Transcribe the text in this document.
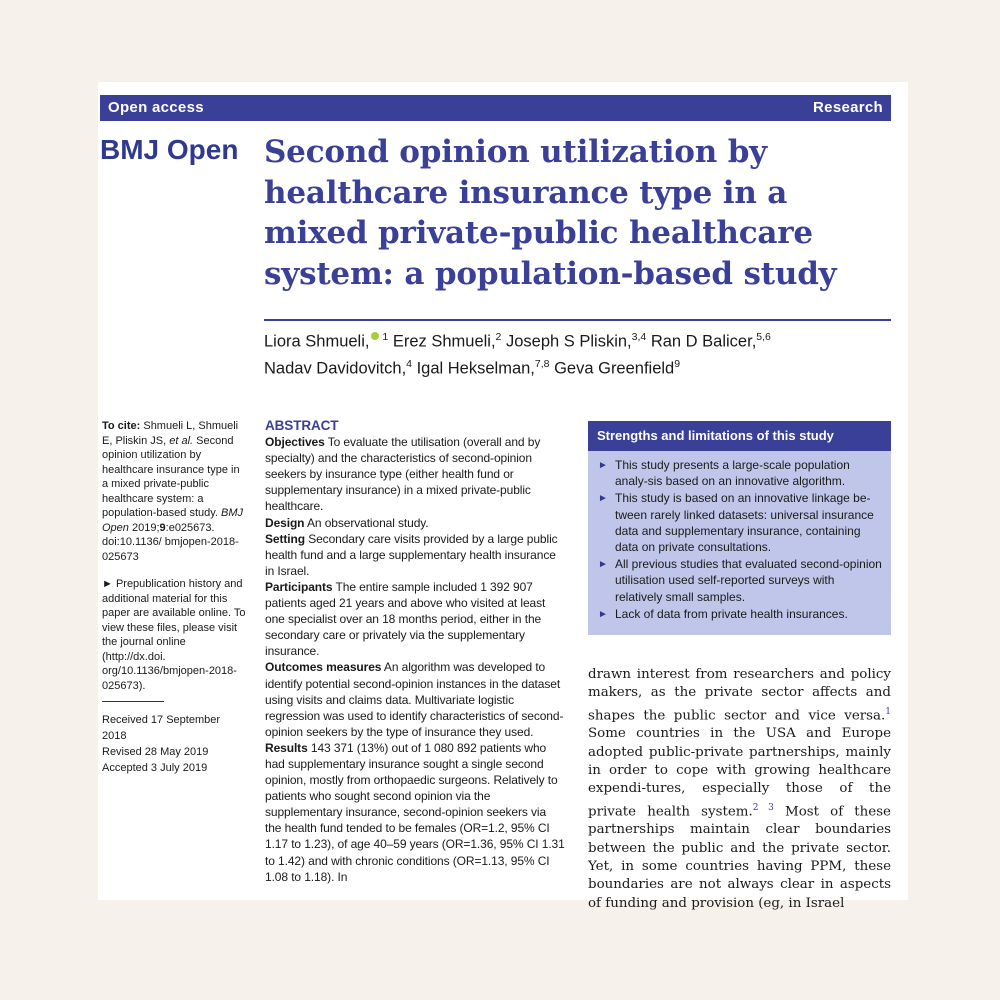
Open access	Research
BMJ Open Second opinion utilization by healthcare insurance type in a mixed private-public healthcare system: a population-based study
Liora Shmueli, $^1$ Erez Shmueli,$^2$ Joseph S Pliskin,$^{3,4}$ Ran D Balicer,$^{5,6}$
Nadav Davidovitch,$^4$ Igal Hekselman,$^{7,8}$ Geva Greenfield$^9$

To cite: Shmueli L, Shmueli E, Pliskin JS, et al. Second opinion utilization by healthcare insurance type in a mixed private-public healthcare system: a population-based study. BMJ Open 2019;9:e025673. doi:10.1136/ bmjopen-2018-025673

► Prepublication history and additional material for this paper are available online. To view these files, please visit the journal online (http://dx.doi. org/10.1136/bmjopen-2018-025673).

Received 17 September 2018

Revised 28 May 2019

Accepted 3 July 2019

ABSTRACT

Objectives To evaluate the utilisation (overall and by specialty) and the characteristics of second-opinion seekers by insurance type (either health fund or supplementary insurance) in a mixed private-public healthcare.

Design An observational study.

Setting Secondary care visits provided by a large public health fund and a large supplementary health insurance in Israel.

Participants The entire sample included 1 392 907 patients aged 21 years and above who visited at least one specialist over an 18 months period, either in the secondary care or privately via the supplementary insurance.

Outcomes measures An algorithm was developed to identify potential second-opinion instances in the dataset using visits and claims data. Multivariate logistic regression was used to identify characteristics of second-opinion seekers by the type of insurance they used.

Results 143 371 (13%) out of 1 080 892 patients who had supplementary insurance sought a single second opinion, mostly from orthopaedic surgeons. Relatively to patients who sought second opinion via the supplementary insurance, second-opinion seekers via the health fund tended to be females (OR=1.2, 95% CI 1.17 to 1.23), of age 40–59 years (OR=1.36, 95% CI 1.31 to 1.42) and with chronic conditions (OR=1.13, 95% CI 1.08 to 1.18). In

Strengths and limitations of this study
► This study presents a large-scale population analy-sis based on an innovative algorithm.
► This study is based on an innovative linkage be-tween rarely linked datasets: universal insurance data and supplementary insurance, containing data on private consultations.
► All previous studies that evaluated second-opinion utilisation used self-reported surveys with relatively small samples.
► Lack of data from private health insurances.
drawn interest from researchers and policy makers, as the private sector affects and shapes the public sector and vice versa.$^1$ Some countries in the USA and Europe adopted public-private partnerships, mainly in order to cope with growing healthcare expendi-tures, especially those of the private health system.$^{2 3}$ Most of these partnerships maintain clear boundaries between the public and the private sector. Yet, in some countries having PPM, these boundaries are not always clear in aspects of funding and provision (eg, in Israel
